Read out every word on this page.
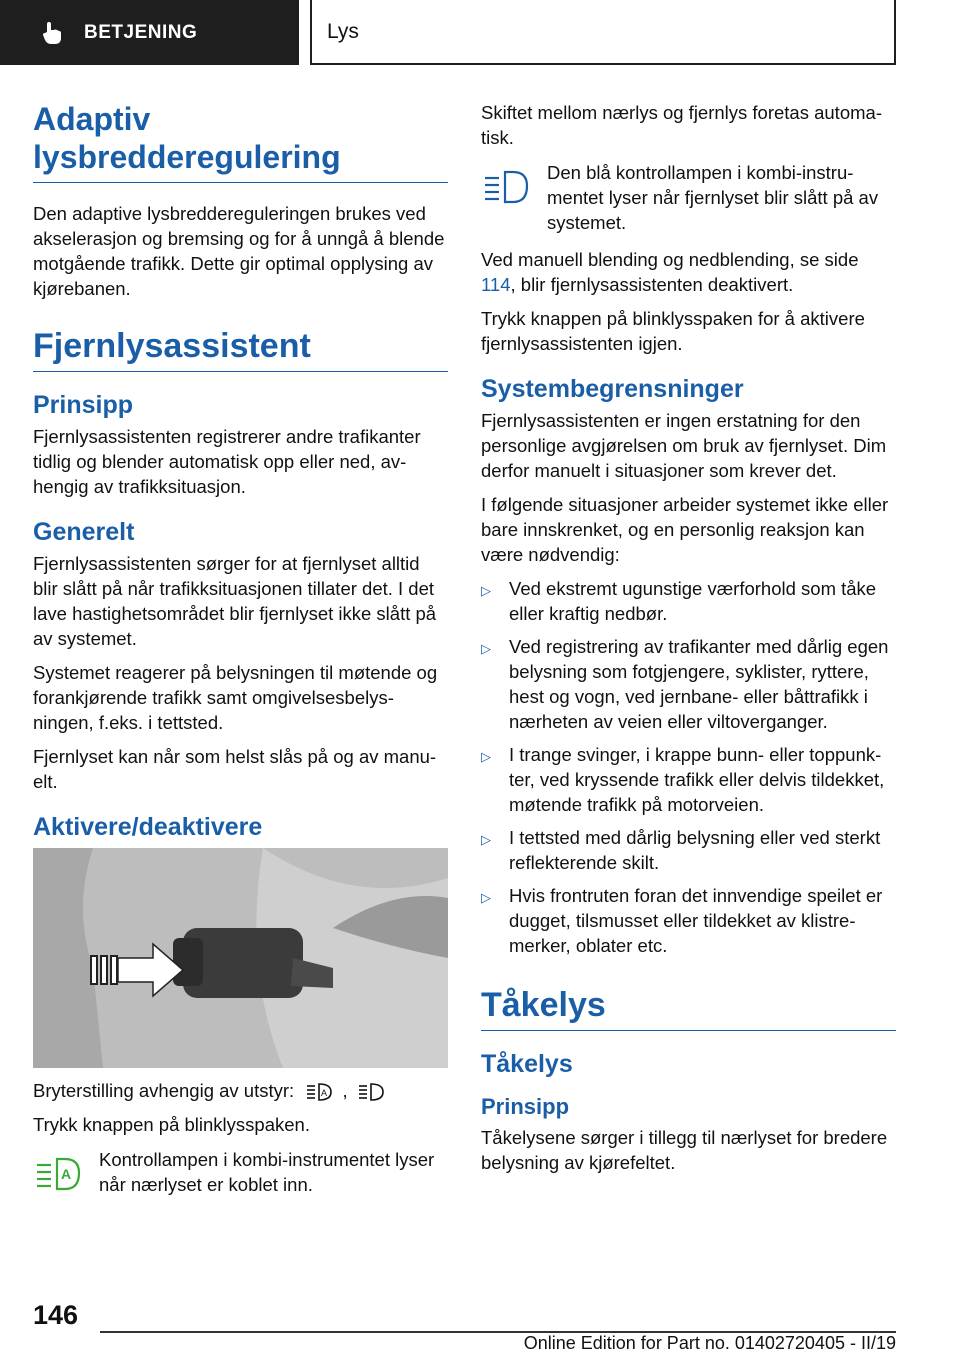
BETJENING	Lys
Adaptiv lysbredderegulering

Den adaptive lysbreddereguleringen brukes ved akselerasjon og bremsing og for å unngå å blende motgående trafikk. Dette gir optimal opplysing av kjørebanen.

Fjernlysassistent
Prinsipp

Fjernlysassistenten registrerer andre trafikanter tidlig og blender automatisk opp eller ned, avhengig av trafikksituasjon.

Generelt

Fjernlysassistenten sørger for at fjernlyset alltid blir slått på når trafikksituasjonen tillater det. I det lave hastighetsområdet blir fjernlyset ikke slått på av systemet.

Systemet reagerer på belysningen til møtende og forankjørende trafikk samt omgivelsesbelysningen, f.eks. i tettsted.

Fjernlyset kan når som helst slås på og av manuelt.

Aktivere/deaktivere

Bryterstilling avhengig av utstyr:	A ,

Trykk knappen på blinklysspaken.

A

Kontrollampen i kombi-instrumentet lyser når nærlyset er koblet inn.

Skiftet mellom nærlys og fjernlys foretas automatisk.

Den blå kontrollampen i kombi-instrumentet lyser når fjernlyset blir slått på av systemet.

Ved manuell blending og nedblending, se side 114, blir fjernlysassistenten deaktivert.

Trykk knappen på blinklysspaken for å aktivere fjernlysassistenten igjen.

Systembegrensninger

Fjernlysassistenten er ingen erstatning for den personlige avgjørelsen om bruk av fjernlyset. Dim derfor manuelt i situasjoner som krever det.

I følgende situasjoner arbeider systemet ikke eller bare innskrenket, og en personlig reaksjon kan være nødvendig:

▷ Ved ekstremt ugunstige værforhold som tåke eller kraftig nedbør.
▷ Ved registrering av trafikanter med dårlig egen belysning som fotgjengere, syklister, ryttere, hest og vogn, ved jernbane- eller båttrafikk i nærheten av veien eller viltoverganger.
▷ I trange svinger, i krappe bunn- eller toppunkter, ved kryssende trafikk eller delvis tildekket, møtende trafikk på motorveien.
▷ I tettsted med dårlig belysning eller ved sterkt reflekterende skilt.
▷ Hvis frontruten foran det innvendige speilet er dugget, tilsmusset eller tildekket av klistremerker, oblater etc.
Tåkelys
Tåkelys
Prinsipp

Tåkelysene sørger i tillegg til nærlyset for bredere belysning av kjørefeltet.

146
Online Edition for Part no. 01402720405 - II/19
